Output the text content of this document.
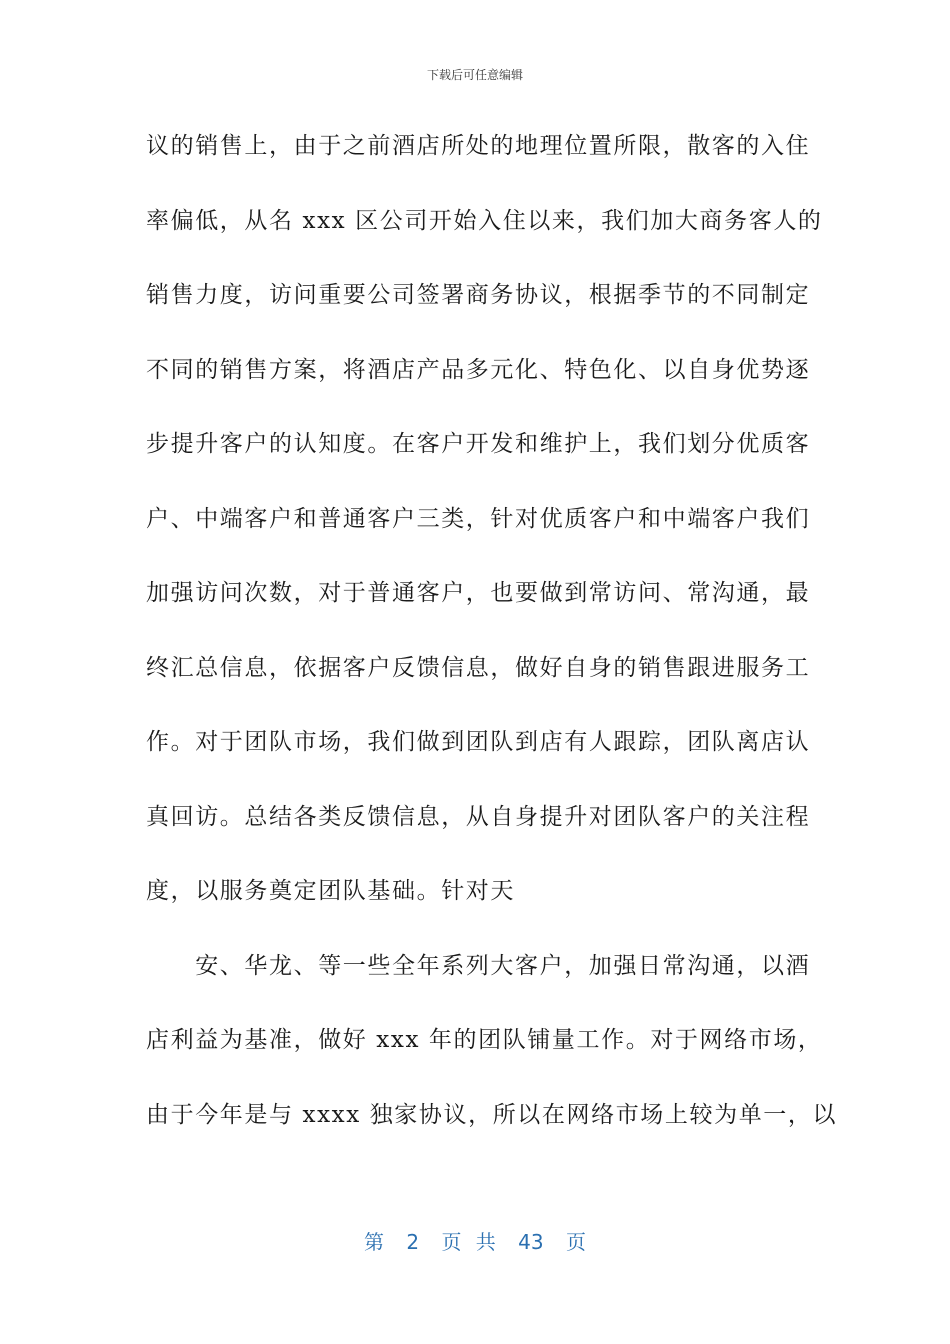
下载后可任意编辑
议的销售上，由于之前酒店所处的地理位置所限，散客的入住
率偏低，从名 xxx 区公司开始入住以来，我们加大商务客人的
销售力度，访问重要公司签署商务协议，根据季节的不同制定
不同的销售方案，将酒店产品多元化、特色化、以自身优势逐
步提升客户的认知度。在客户开发和维护上，我们划分优质客
户、中端客户和普通客户三类，针对优质客户和中端客户我们
加强访问次数，对于普通客户，也要做到常访问、常沟通，最
终汇总信息，依据客户反馈信息，做好自身的销售跟进服务工
作。对于团队市场，我们做到团队到店有人跟踪，团队离店认
真回访。总结各类反馈信息，从自身提升对团队客户的关注程
度，以服务奠定团队基础。针对天
　　安、华龙、等一些全年系列大客户，加强日常沟通，以酒
店利益为基准，做好 xxx 年的团队铺量工作。对于网络市场，
由于今年是与 xxxx 独家协议，所以在网络市场上较为单一，以
第 2 页 共 43 页
